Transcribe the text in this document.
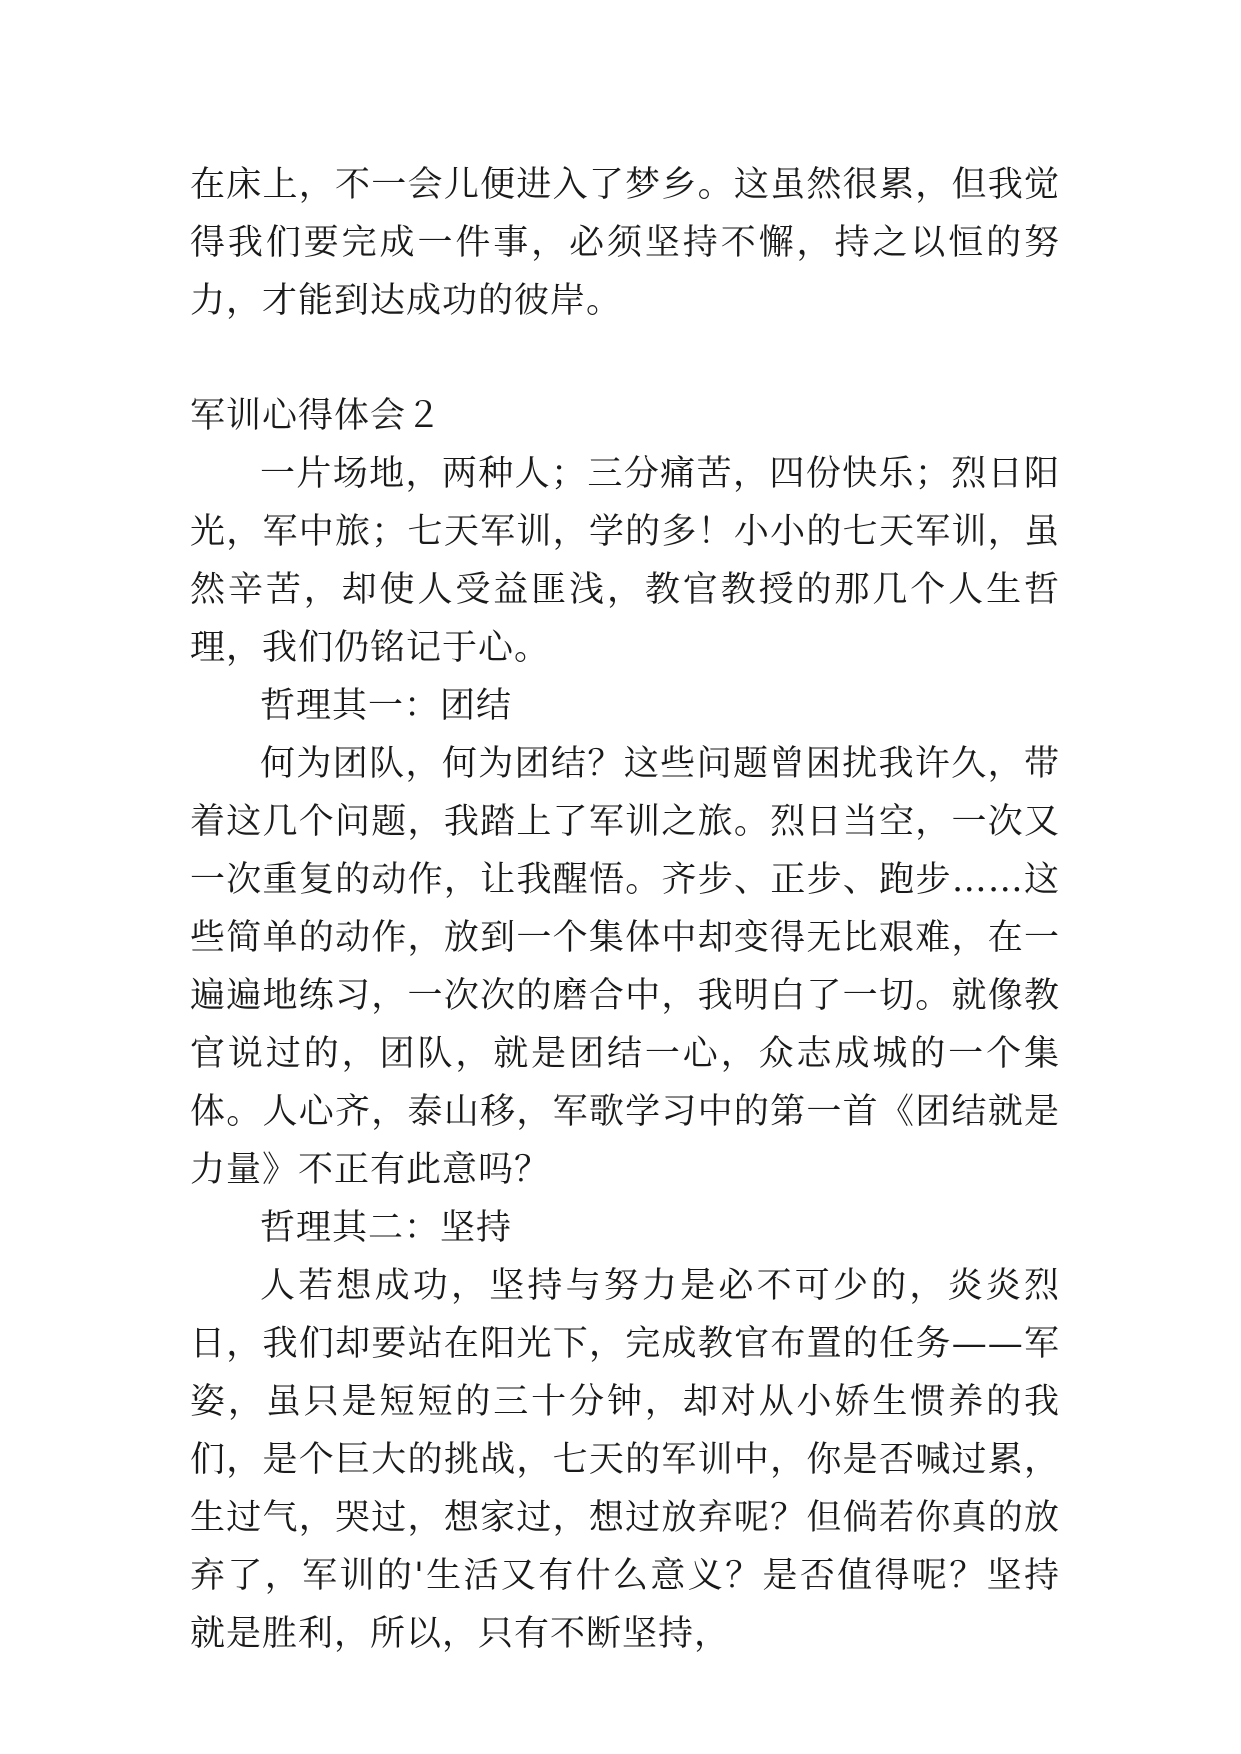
在床上，不一会儿便进入了梦乡。这虽然很累，但我觉得我们要完成一件事，必须坚持不懈，持之以恒的努力，才能到达成功的彼岸。

军训心得体会２

一片场地，两种人；三分痛苦，四份快乐；烈日阳光，军中旅；七天军训，学的多！小小的七天军训，虽然辛苦，却使人受益匪浅，教官教授的那几个人生哲理，我们仍铭记于心。

哲理其一：团结

何为团队，何为团结？这些问题曾困扰我许久，带着这几个问题，我踏上了军训之旅。烈日当空，一次又一次重复的动作，让我醒悟。齐步、正步、跑步……这些简单的动作，放到一个集体中却变得无比艰难，在一遍遍地练习，一次次的磨合中，我明白了一切。就像教官说过的，团队，就是团结一心，众志成城的一个集体。人心齐，泰山移，军歌学习中的第一首《团结就是力量》不正有此意吗？

哲理其二：坚持

人若想成功，坚持与努力是必不可少的，炎炎烈日，我们却要站在阳光下，完成教官布置的任务——军姿，虽只是短短的三十分钟，却对从小娇生惯养的我们，是个巨大的挑战，七天的军训中，你是否喊过累，生过气，哭过，想家过，想过放弃呢？但倘若你真的放弃了，军训的'生活又有什么意义？是否值得呢？坚持就是胜利，所以，只有不断坚持，
